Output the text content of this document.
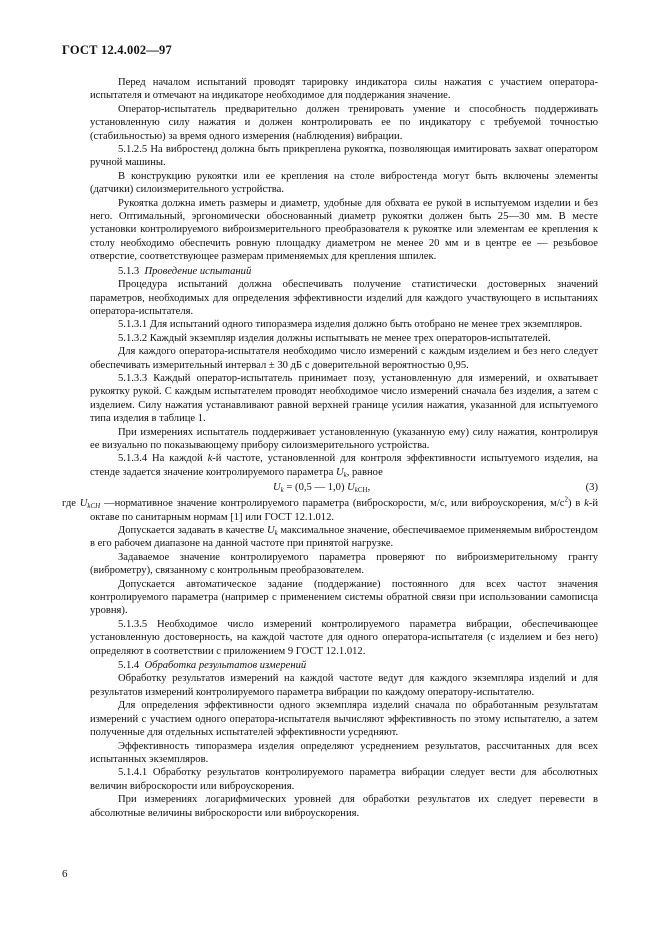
ГОСТ 12.4.002—97

Перед началом испытаний проводят тарировку индикатора силы нажатия с участием оператора-испытателя и отмечают на индикаторе необходимое для поддержания значение.

Оператор-испытатель предварительно должен тренировать умение и способность поддерживать установленную силу нажатия и должен контролировать ее по индикатору с требуемой точностью (стабильностью) за время одного измерения (наблюдения) вибрации.

5.1.2.5 На вибростенд должна быть прикреплена рукоятка, позволяющая имитировать захват оператором ручной машины.

В конструкцию рукоятки или ее крепления на столе вибростенда могут быть включены элементы (датчики) силоизмерительного устройства.

Рукоятка должна иметь размеры и диаметр, удобные для обхвата ее рукой в испытуемом изделии и без него. Оптимальный, эргономически обоснованный диаметр рукоятки должен быть 25—30 мм. В месте установки контролируемого виброизмерительного преобразователя к рукоятке или элементам ее крепления к столу необходимо обеспечить ровную площадку диаметром не менее 20 мм и в центре ее — резьбовое отверстие, соответствующее размерам применяемых для крепления шпилек.

5.1.3 Проведение испытаний

Процедура испытаний должна обеспечивать получение статистически достоверных значений параметров, необходимых для определения эффективности изделий для каждого участвующего в испытаниях оператора-испытателя.

5.1.3.1 Для испытаний одного типоразмера изделия должно быть отобрано не менее трех экземпляров.

5.1.3.2 Каждый экземпляр изделия должны испытывать не менее трех операторов-испытателей.

Для каждого оператора-испытателя необходимо число измерений с каждым изделием и без него следует обеспечивать измерительный интервал ± 30 дБ с доверительной вероятностью 0,95.

5.1.3.3 Каждый оператор-испытатель принимает позу, установленную для измерений, и охватывает рукоятку рукой. С каждым испытателем проводят необходимое число измерений сначала без изделия, а затем с изделием. Силу нажатия устанавливают равной верхней границе усилия нажатия, указанной для испытуемого типа изделия в таблице 1.

При измерениях испытатель поддерживает установленную (указанную ему) силу нажатия, контролируя ее визуально по показывающему прибору силоизмерительного устройства.

5.1.3.4 На каждой k-й частоте, установленной для контроля эффективности испытуемого изделия, на стенде задается значение контролируемого параметра $U_k$, равное

$U_k = (0,5$ — 1,0) $U_{kCH}$,	(3)

где $U_{kCH}$ —нормативное значение контролируемого параметра (виброскорости, м/с, или виброускорения, $м/с^2$) в k-й октаве по санитарным нормам [1] или ГОСТ 12.1.012.

Допускается задавать в качестве $U_k$ максимальное значение, обеспечиваемое применяемым вибростендом в его рабочем диапазоне на данной частоте при принятой нагрузке.

Задаваемое значение контролируемого параметра проверяют по виброизмерительному гранту (виброметру), связанному с контрольным преобразователем.

Допускается автоматическое задание (поддержание) постоянного для всех частот значения контролируемого параметра (например с применением системы обратной связи при использовании самописца уровня).

5.1.3.5 Необходимое число измерений контролируемого параметра вибрации, обеспечивающее установленную достоверность, на каждой частоте для одного оператора-испытателя (с изделием и без него) определяют в соответствии с приложением 9 ГОСТ 12.1.012.

5.1.4 Обработка результатов измерений

Обработку результатов измерений на каждой частоте ведут для каждого экземпляра изделий и для результатов измерений контролируемого параметра вибрации по каждому оператору-испытателю.

Для определения эффективности одного экземпляра изделий сначала по обработанным результатам измерений с участием одного оператора-испытателя вычисляют эффективность по этому испытателю, а затем полученные для отдельных испытателей эффективности усредняют.

Эффективность типоразмера изделия определяют усреднением результатов, рассчитанных для всех испытанных экземпляров.

5.1.4.1 Обработку результатов контролируемого параметра вибрации следует вести для абсолютных величин виброскорости или виброускорения.

При измерениях логарифмических уровней для обработки результатов их следует перевести в абсолютные величины виброскорости или виброускорения.

6
